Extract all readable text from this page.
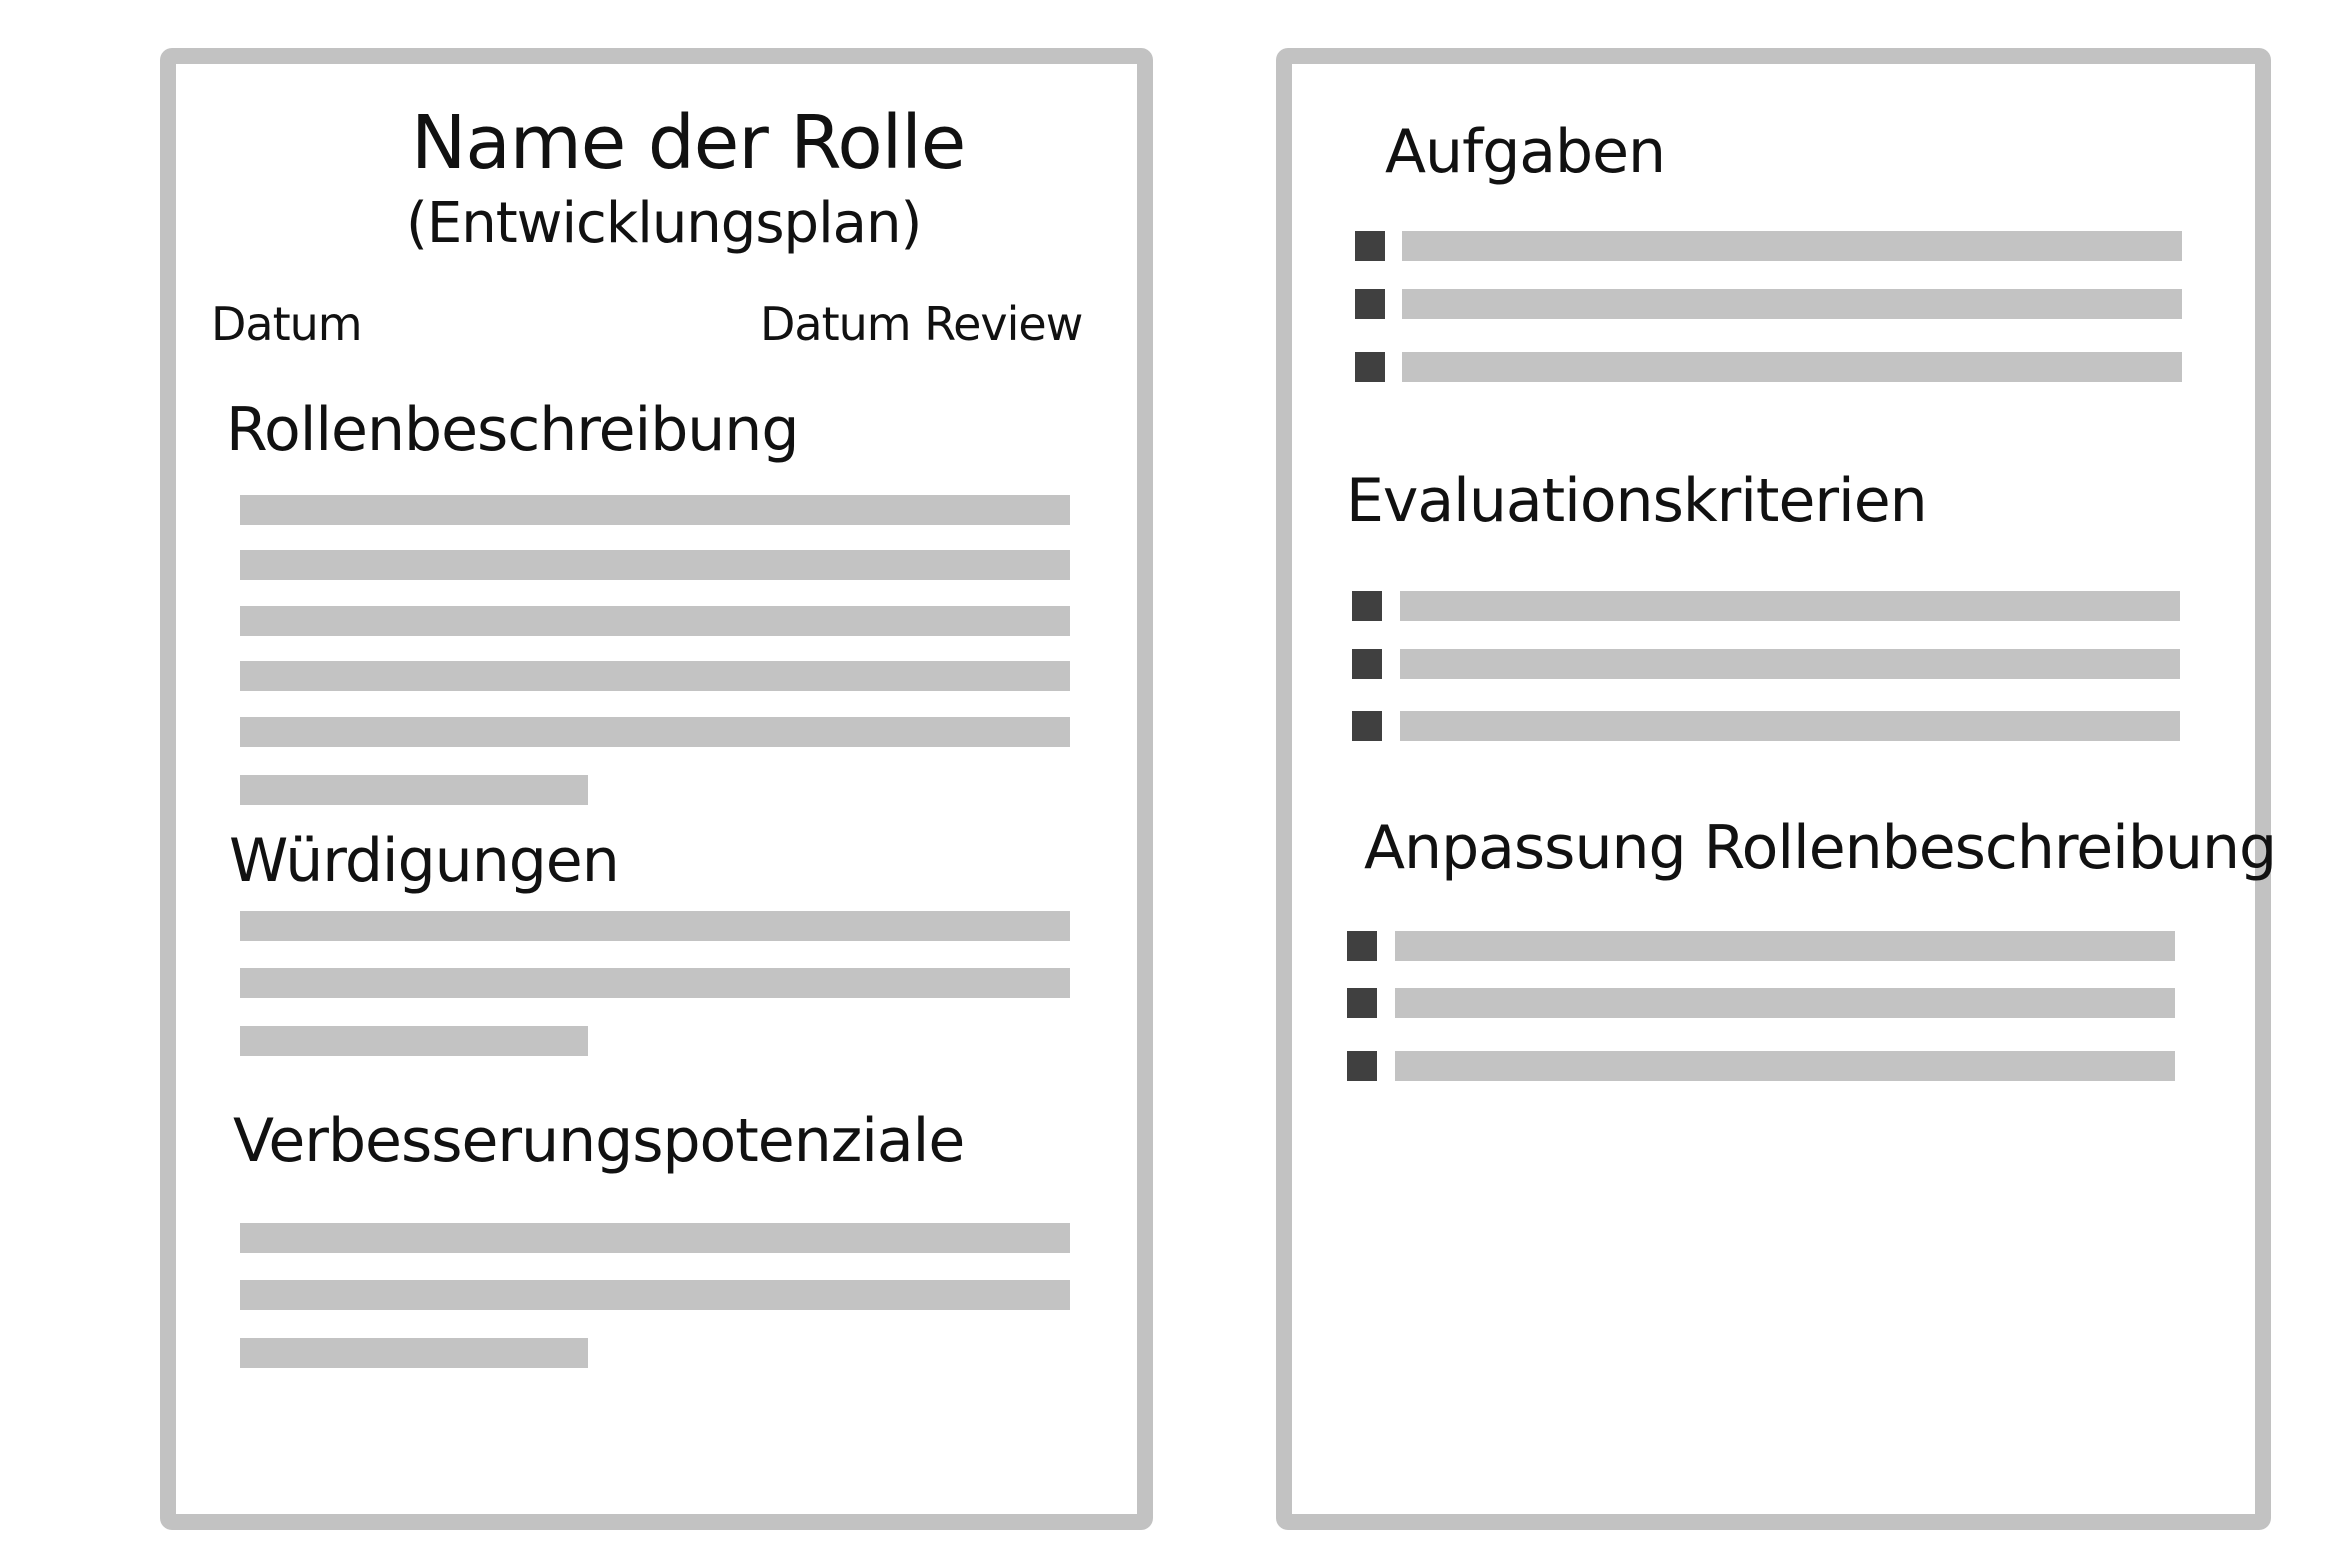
Name der Rolle
(Entwicklungsplan)
Datum	Datum Review
Rollenbeschreibung
Würdigungen
Verbesserungspotenziale
Aufgaben
Evaluationskriterien
Anpassung Rollenbeschreibung
